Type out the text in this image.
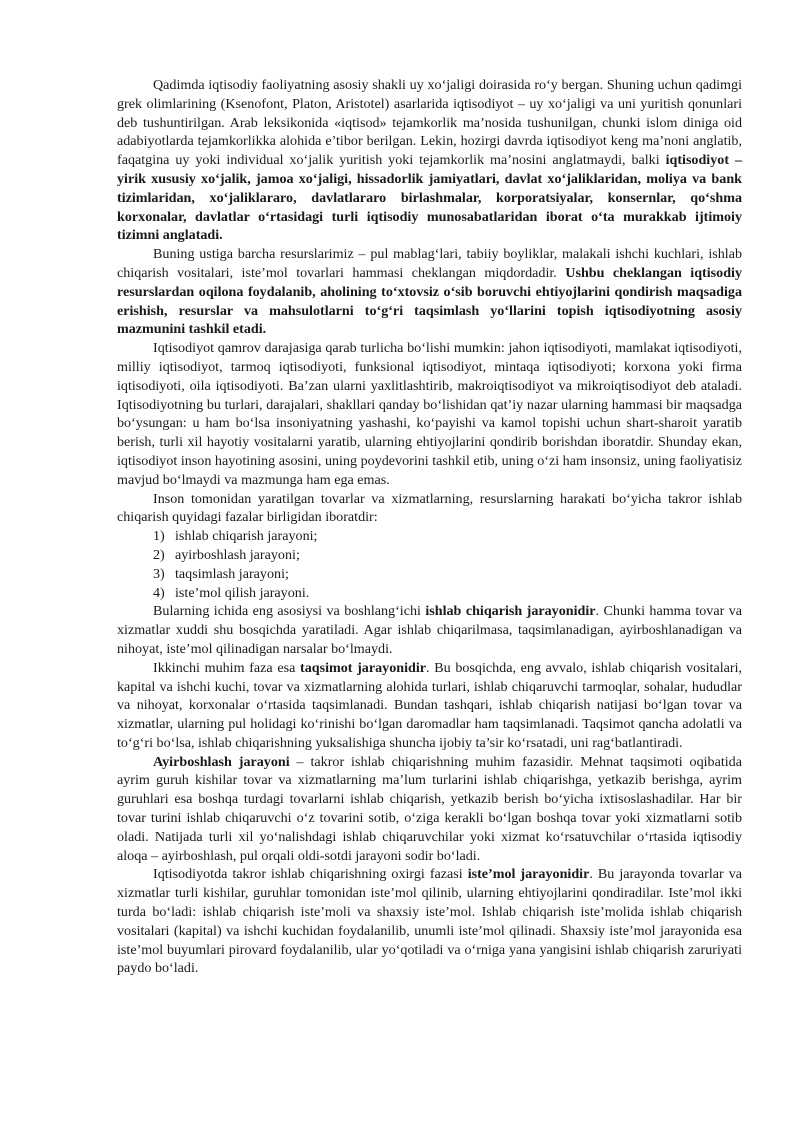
Qadimda iqtisodiy faoliyatning asosiy shakli uy xo‘jaligi doirasida ro‘y bergan. Shuning uchun qadimgi grek olimlarining (Ksenofont, Platon, Aristotel) asarlarida iqtisodiyot – uy xo‘jaligi va uni yuritish qonunlari deb tushuntirilgan. Arab leksikonida «iqtisod» tejamkorlik ma’nosida tushunilgan, chunki islom diniga oid adabiyotlarda tejamkorlikka alohida e’tibor berilgan. Lekin, hozirgi davrda iqtisodiyot keng ma’noni anglatib, faqatgina uy yoki individual xo‘jalik yuritish yoki tejamkorlik ma’nosini anglatmaydi, balki iqtisodiyot – yirik xususiy xo‘jalik, jamoa xo‘jaligi, hissadorlik jamiyatlari, davlat xo‘jaliklaridan, moliya va bank tizimlaridan, xo‘jaliklararo, davlatlararo birlashmalar, korporatsiyalar, konsernlar, qo‘shma korxonalar, davlatlar o‘rtasidagi turli iqtisodiy munosabatlaridan iborat o‘ta murakkab ijtimoiy tizimni anglatadi.

Buning ustiga barcha resurslarimiz – pul mablag‘lari, tabiiy boyliklar, malakali ishchi kuchlari, ishlab chiqarish vositalari, iste’mol tovarlari hammasi cheklangan miqdordadir. Ushbu cheklangan iqtisodiy resurslardan oqilona foydalanib, aholining to‘xtovsiz o‘sib boruvchi ehtiyojlarini qondirish maqsadiga erishish, resurslar va mahsulotlarni to‘g‘ri taqsimlash yo‘llarini topish iqtisodiyotning asosiy mazmunini tashkil etadi.

Iqtisodiyot qamrov darajasiga qarab turlicha bo‘lishi mumkin: jahon iqtisodiyoti, mamlakat iqtisodiyoti, milliy iqtisodiyot, tarmoq iqtisodiyoti, funksional iqtisodiyot, mintaqa iqtisodiyoti; korxona yoki firma iqtisodiyoti, oila iqtisodiyoti. Ba’zan ularni yaxlitlashtirib, makroiqtisodiyot va mikroiqtisodiyot deb ataladi. Iqtisodiyotning bu turlari, darajalari, shakllari qanday bo‘lishidan qat’iy nazar ularning hammasi bir maqsadga bo‘ysungan: u ham bo‘lsa insoniyatning yashashi, ko‘payishi va kamol topishi uchun shart-sharoit yaratib berish, turli xil hayotiy vositalarni yaratib, ularning ehtiyojlarini qondirib borishdan iboratdir. Shunday ekan, iqtisodiyot inson hayotining asosini, uning poydevorini tashkil etib, uning o‘zi ham insonsiz, uning faoliyatisiz mavjud bo‘lmaydi va mazmunga ham ega emas.

Inson tomonidan yaratilgan tovarlar va xizmatlarning, resurslarning harakati bo‘yicha takror ishlab chiqarish quyidagi fazalar birligidan iboratdir:

1) ishlab chiqarish jarayoni;
2) ayirboshlash jarayoni;
3) taqsimlash jarayoni;
4) iste’mol qilish jarayoni.

Bularning ichida eng asosiysi va boshlang‘ichi ishlab chiqarish jarayonidir. Chunki hamma tovar va xizmatlar xuddi shu bosqichda yaratiladi. Agar ishlab chiqarilmasa, taqsimlanadigan, ayirboshlanadigan va nihoyat, iste’mol qilinadigan narsalar bo‘lmaydi.

Ikkinchi muhim faza esa taqsimot jarayonidir. Bu bosqichda, eng avvalo, ishlab chiqarish vositalari, kapital va ishchi kuchi, tovar va xizmatlarning alohida turlari, ishlab chiqaruvchi tarmoqlar, sohalar, hududlar va nihoyat, korxonalar o‘rtasida taqsimlanadi. Bundan tashqari, ishlab chiqarish natijasi bo‘lgan tovar va xizmatlar, ularning pul holidagi ko‘rinishi bo‘lgan daromadlar ham taqsimlanadi. Taqsimot qancha adolatli va to‘g‘ri bo‘lsa, ishlab chiqarishning yuksalishiga shuncha ijobiy ta’sir ko‘rsatadi, uni rag‘batlantiradi.

Ayirboshlash jarayoni – takror ishlab chiqarishning muhim fazasidir. Mehnat taqsimoti oqibatida ayrim guruh kishilar tovar va xizmatlarning ma’lum turlarini ishlab chiqarishga, yetkazib berishga, ayrim guruhlari esa boshqa turdagi tovarlarni ishlab chiqarish, yetkazib berish bo‘yicha ixtisoslashadilar. Har bir tovar turini ishlab chiqaruvchi o‘z tovarini sotib, o‘ziga kerakli bo‘lgan boshqa tovar yoki xizmatlarni sotib oladi. Natijada turli xil yo‘nalishdagi ishlab chiqaruvchilar yoki xizmat ko‘rsatuvchilar o‘rtasida iqtisodiy aloqa – ayirboshlash, pul orqali oldi-sotdi jarayoni sodir bo‘ladi.

Iqtisodiyotda takror ishlab chiqarishning oxirgi fazasi iste’mol jarayonidir. Bu jarayonda tovarlar va xizmatlar turli kishilar, guruhlar tomonidan iste’mol qilinib, ularning ehtiyojlarini qondiradilar. Iste’mol ikki turda bo‘ladi: ishlab chiqarish iste’moli va shaxsiy iste’mol. Ishlab chiqarish iste’molida ishlab chiqarish vositalari (kapital) va ishchi kuchidan foydalanilib, unumli iste’mol qilinadi. Shaxsiy iste’mol jarayonida esa iste’mol buyumlari pirovard foydalanilib, ular yo‘qotiladi va o‘rniga yana yangisini ishlab chiqarish zaruriyati paydo bo‘ladi.
